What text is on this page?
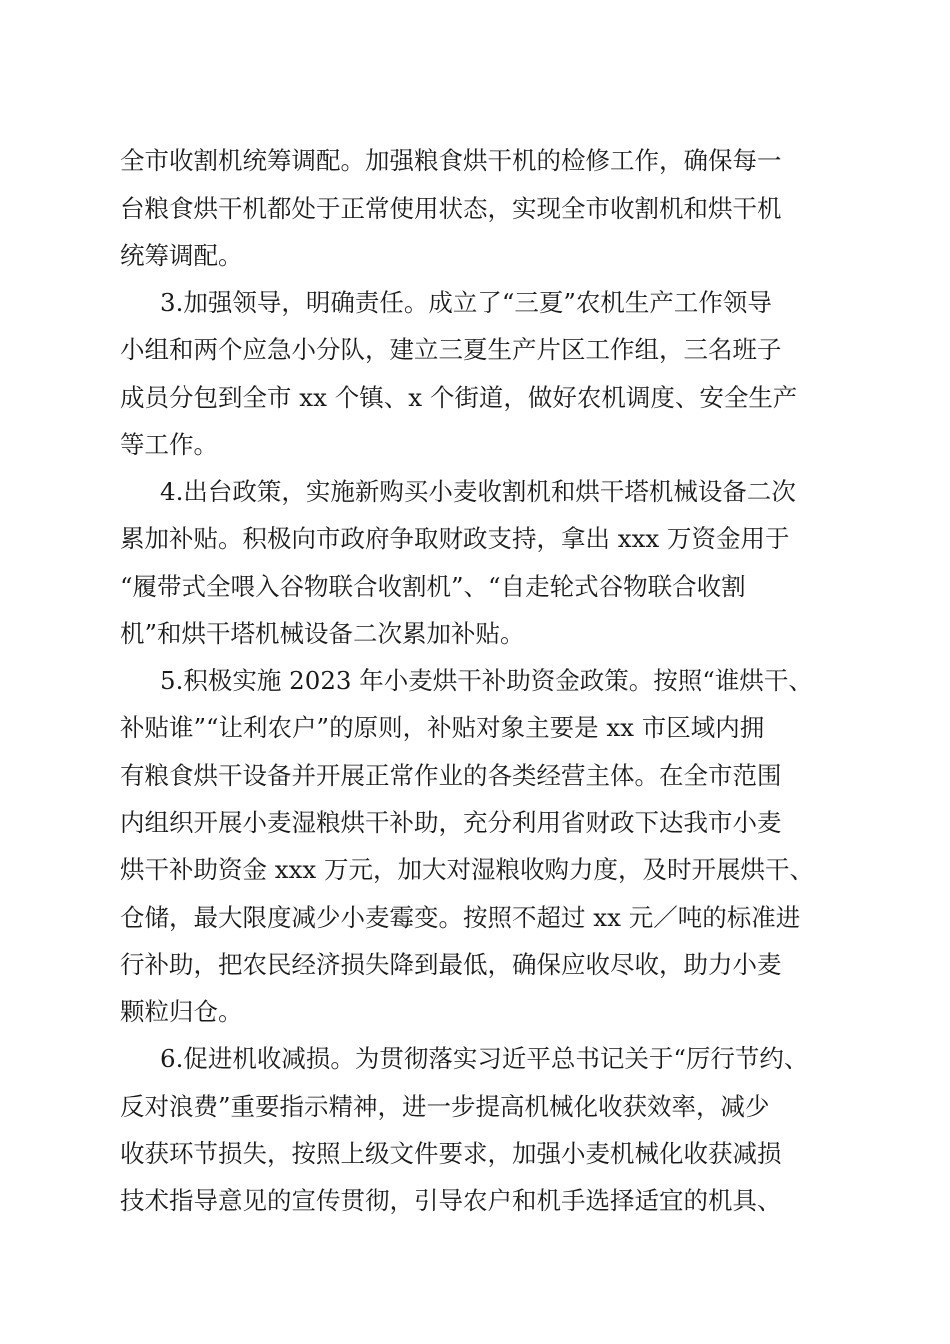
全市收割机统筹调配。加强粮食烘干机的检修工作，确保每一
台粮食烘干机都处于正常使用状态，实现全市收割机和烘干机
统筹调配。
3.加强领导，明确责任。成立了“三夏”农机生产工作领导
小组和两个应急小分队，建立三夏生产片区工作组，三名班子
成员分包到全市 xx 个镇、x 个街道，做好农机调度、安全生产
等工作。
4.出台政策，实施新购买小麦收割机和烘干塔机械设备二次
累加补贴。积极向市政府争取财政支持，拿出 xxx 万资金用于
“履带式全喂入谷物联合收割机”、“自走轮式谷物联合收割
机”和烘干塔机械设备二次累加补贴。
5.积极实施 2023 年小麦烘干补助资金政策。按照“谁烘干、
补贴谁”“让利农户”的原则，补贴对象主要是 xx 市区域内拥
有粮食烘干设备并开展正常作业的各类经营主体。在全市范围
内组织开展小麦湿粮烘干补助，充分利用省财政下达我市小麦
烘干补助资金 xxx 万元，加大对湿粮收购力度，及时开展烘干、
仓储，最大限度减少小麦霉变。按照不超过 xx 元／吨的标准进
行补助，把农民经济损失降到最低，确保应收尽收，助力小麦
颗粒归仓。
6.促进机收减损。为贯彻落实习近平总书记关于“厉行节约、
反对浪费”重要指示精神，进一步提高机械化收获效率，减少
收获环节损失，按照上级文件要求，加强小麦机械化收获减损
技术指导意见的宣传贯彻，引导农户和机手选择适宜的机具、
